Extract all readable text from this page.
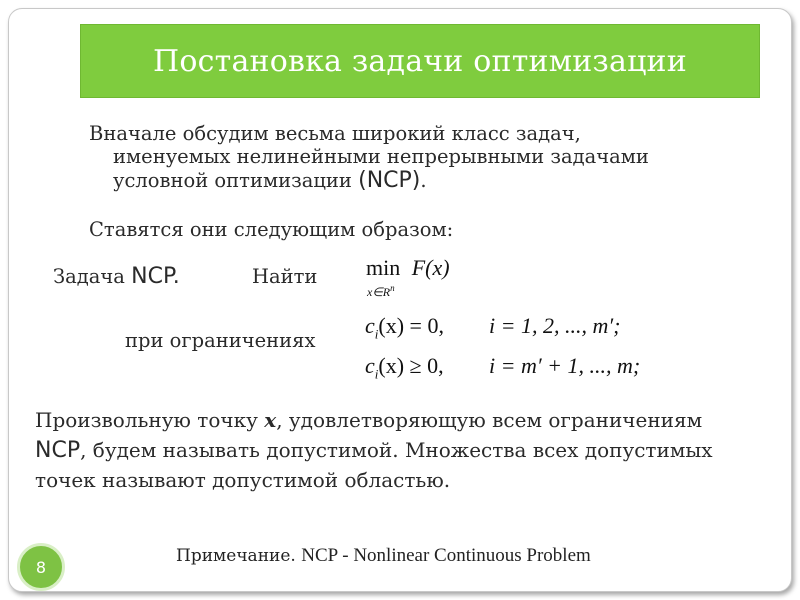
Постановка задачи оптимизации
Вначале обсудим весьма широкий класс задач,
именуемых нелинейными непрерывными задачами
условной оптимизации (NCP).
Ставятся они следующим образом:
Задача NCP.	Найти min F(x)
$x\in R^n$
при ограничениях
$c_i(x) = 0$, i = 1, 2, ..., m′;
$c_i(x) \ge 0$, i = m′ + 1, ..., m;
Произвольную точку x, удовлетворяющую всем ограничениям
NCP, будем называть допустимой. Множества всех допустимых
точек называют допустимой областью.
8
Примечание. NCP - Nonlinear Continuous Problem
